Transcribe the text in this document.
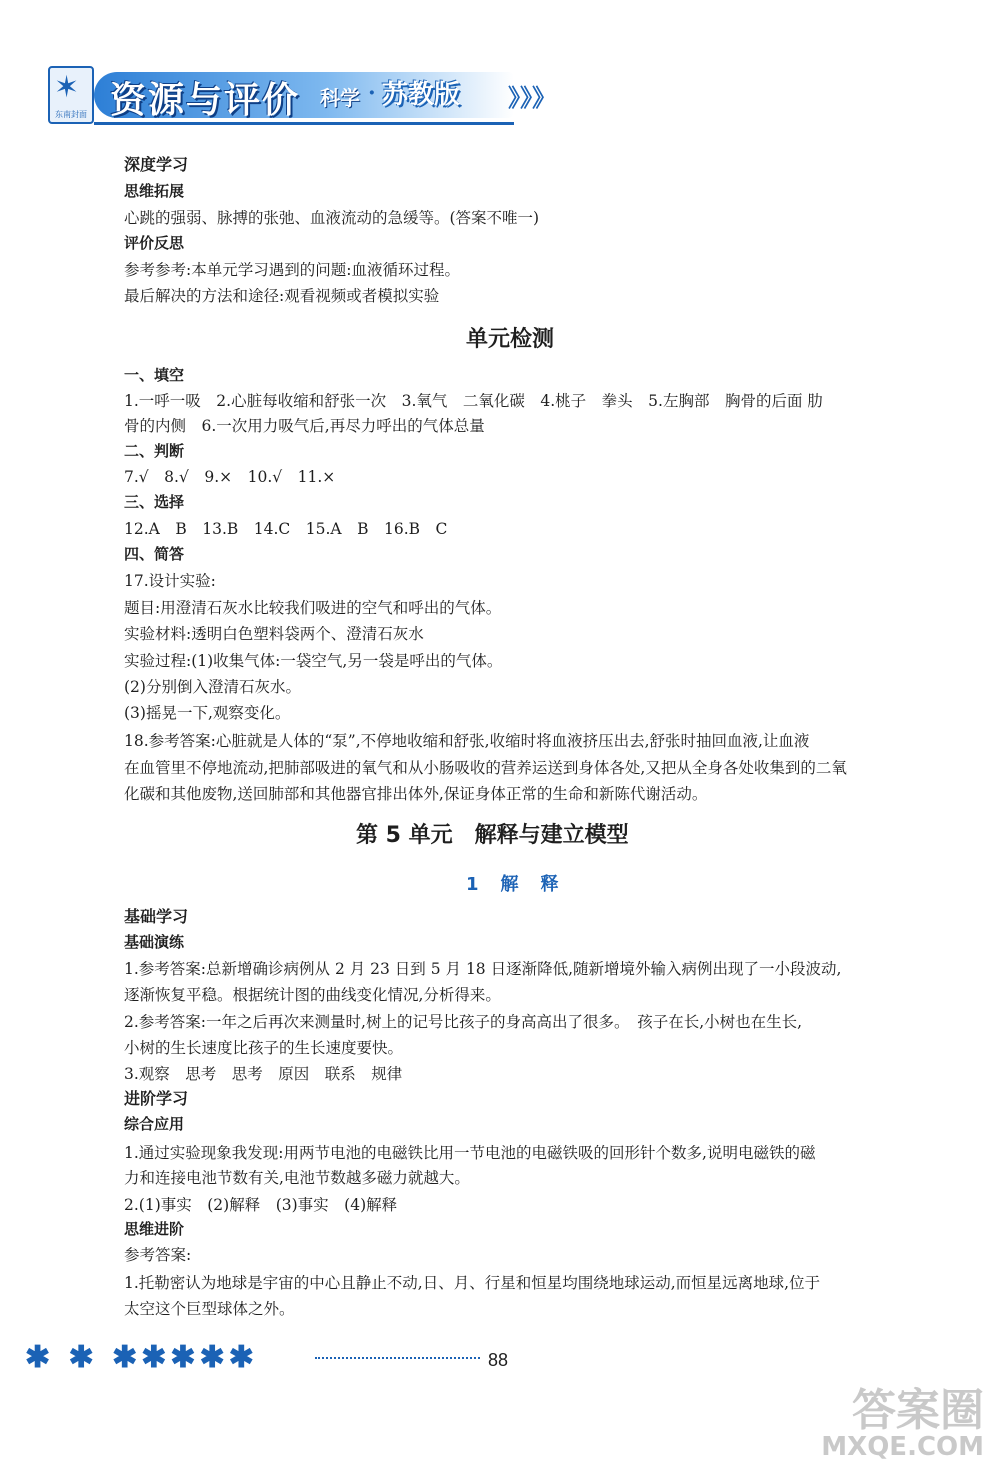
✶
东南封面 资源与评价 科学 · 苏教版 》》》
深度学习
思维拓展
心跳的强弱、脉搏的张弛、血液流动的急缓等。(答案不唯一)
评价反思
参考参考:本单元学习遇到的问题:血液循环过程。
最后解决的方法和途径:观看视频或者模拟实验
单元检测
一、填空
1.一呼一吸　2.心脏每收缩和舒张一次　3.氧气　二氧化碳　4.桃子　拳头　5.左胸部　胸骨的后面 肋
骨的内侧　6.一次用力吸气后,再尽力呼出的气体总量
二、判断
7.√　8.√　9.×　10.√　11.×
三、选择
12.A　B　13.B　14.C　15.A　B　16.B　C
四、简答
17.设计实验:
题目:用澄清石灰水比较我们吸进的空气和呼出的气体。
实验材料:透明白色塑料袋两个、澄清石灰水
实验过程:(1)收集气体:一袋空气,另一袋是呼出的气体。
(2)分别倒入澄清石灰水。
(3)摇晃一下,观察变化。
18.参考答案:心脏就是人体的“泵”,不停地收缩和舒张,收缩时将血液挤压出去,舒张时抽回血液,让血液
在血管里不停地流动,把肺部吸进的氧气和从小肠吸收的营养运送到身体各处,又把从全身各处收集到的二氧
化碳和其他废物,送回肺部和其他器官排出体外,保证身体正常的生命和新陈代谢活动。
第 5 单元　解释与建立模型
1　解　释
基础学习
基础演练
1.参考答案:总新增确诊病例从 2 月 23 日到 5 月 18 日逐渐降低,随新增境外输入病例出现了一小段波动,
逐渐恢复平稳。根据统计图的曲线变化情况,分析得来。
2.参考答案:一年之后再次来测量时,树上的记号比孩子的身高高出了很多。　孩子在长,小树也在生长,
小树的生长速度比孩子的生长速度要快。
3.观察　思考　思考　原因　联系　规律
进阶学习
综合应用
1.通过实验现象我发现:用两节电池的电磁铁比用一节电池的电磁铁吸的回形针个数多,说明电磁铁的磁
力和连接电池节数有关,电池节数越多磁力就越大。
2.(1)事实　(2)解释　(3)事实　(4)解释
思维进阶
参考答案:
1.托勒密认为地球是宇宙的中心且静止不动,日、月、行星和恒星均围绕地球运动,而恒星远离地球,位于
太空这个巨型球体之外。
✱ ✱ ✱✱✱✱✱	88
答案圈
MXQE.COM
